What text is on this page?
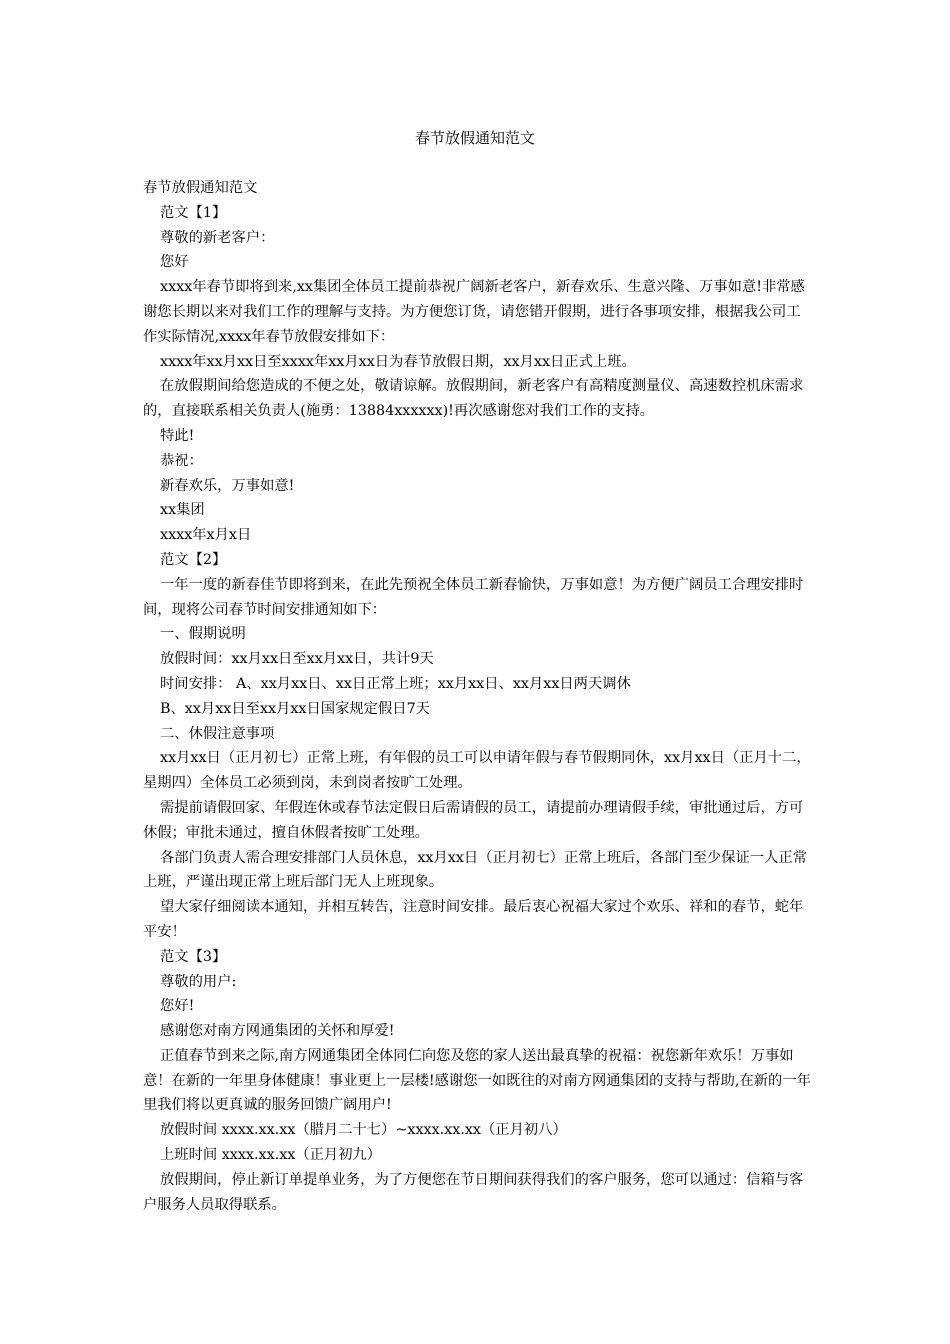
春节放假通知范文

春节放假通知范文

范文【1】

尊敬的新老客户：

您好

xxxx年春节即将到来,xx集团全体员工提前恭祝广阔新老客户，新春欢乐、生意兴隆、万事如意!非常感谢您长期以来对我们工作的理解与支持。为方便您订货，请您错开假期，进行各事项安排，根据我公司工作实际情况,xxxx年春节放假安排如下：

xxxx年xx月xx日至xxxx年xx月xx日为春节放假日期，xx月xx日正式上班。

在放假期间给您造成的不便之处，敬请谅解。放假期间，新老客户有高精度测量仪、高速数控机床需求的，直接联系相关负责人(施勇：13884xxxxxx)!再次感谢您对我们工作的支持。

特此!

恭祝：

新春欢乐，万事如意!

xx集团

xxxx年x月x日

范文【2】

一年一度的新春佳节即将到来，在此先预祝全体员工新春愉快，万事如意！为方便广阔员工合理安排时间，现将公司春节时间安排通知如下：

一、假期说明

放假时间：xx月xx日至xx月xx日，共计9天

时间安排： A、xx月xx日、xx日正常上班；xx月xx日、xx月xx日两天调休

B、xx月xx日至xx月xx日国家规定假日7天

二、休假注意事项

xx月xx日（正月初七）正常上班，有年假的员工可以申请年假与春节假期同休，xx月xx日（正月十二，星期四）全体员工必须到岗，未到岗者按旷工处理。

需提前请假回家、年假连休或春节法定假日后需请假的员工，请提前办理请假手续，审批通过后，方可休假；审批未通过，擅自休假者按旷工处理。

各部门负责人需合理安排部门人员休息，xx月xx日（正月初七）正常上班后，各部门至少保证一人正常上班，严谨出现正常上班后部门无人上班现象。

望大家仔细阅读本通知，并相互转告，注意时间安排。最后衷心祝福大家过个欢乐、祥和的春节，蛇年平安！

范文【3】

尊敬的用户:

您好!

感谢您对南方网通集团的关怀和厚爱!

正值春节到来之际,南方网通集团全体同仁向您及您的家人送出最真挚的祝福：祝您新年欢乐！万事如意！在新的一年里身体健康！事业更上一层楼!感谢您一如既往的对南方网通集团的支持与帮助,在新的一年里我们将以更真诚的服务回馈广阔用户!

放假时间 xxxx.xx.xx（腊月二十七）~xxxx.xx.xx（正月初八）

上班时间 xxxx.xx.xx（正月初九）

放假期间，停止新订单提单业务，为了方便您在节日期间获得我们的客户服务，您可以通过：信箱与客户服务人员取得联系。
